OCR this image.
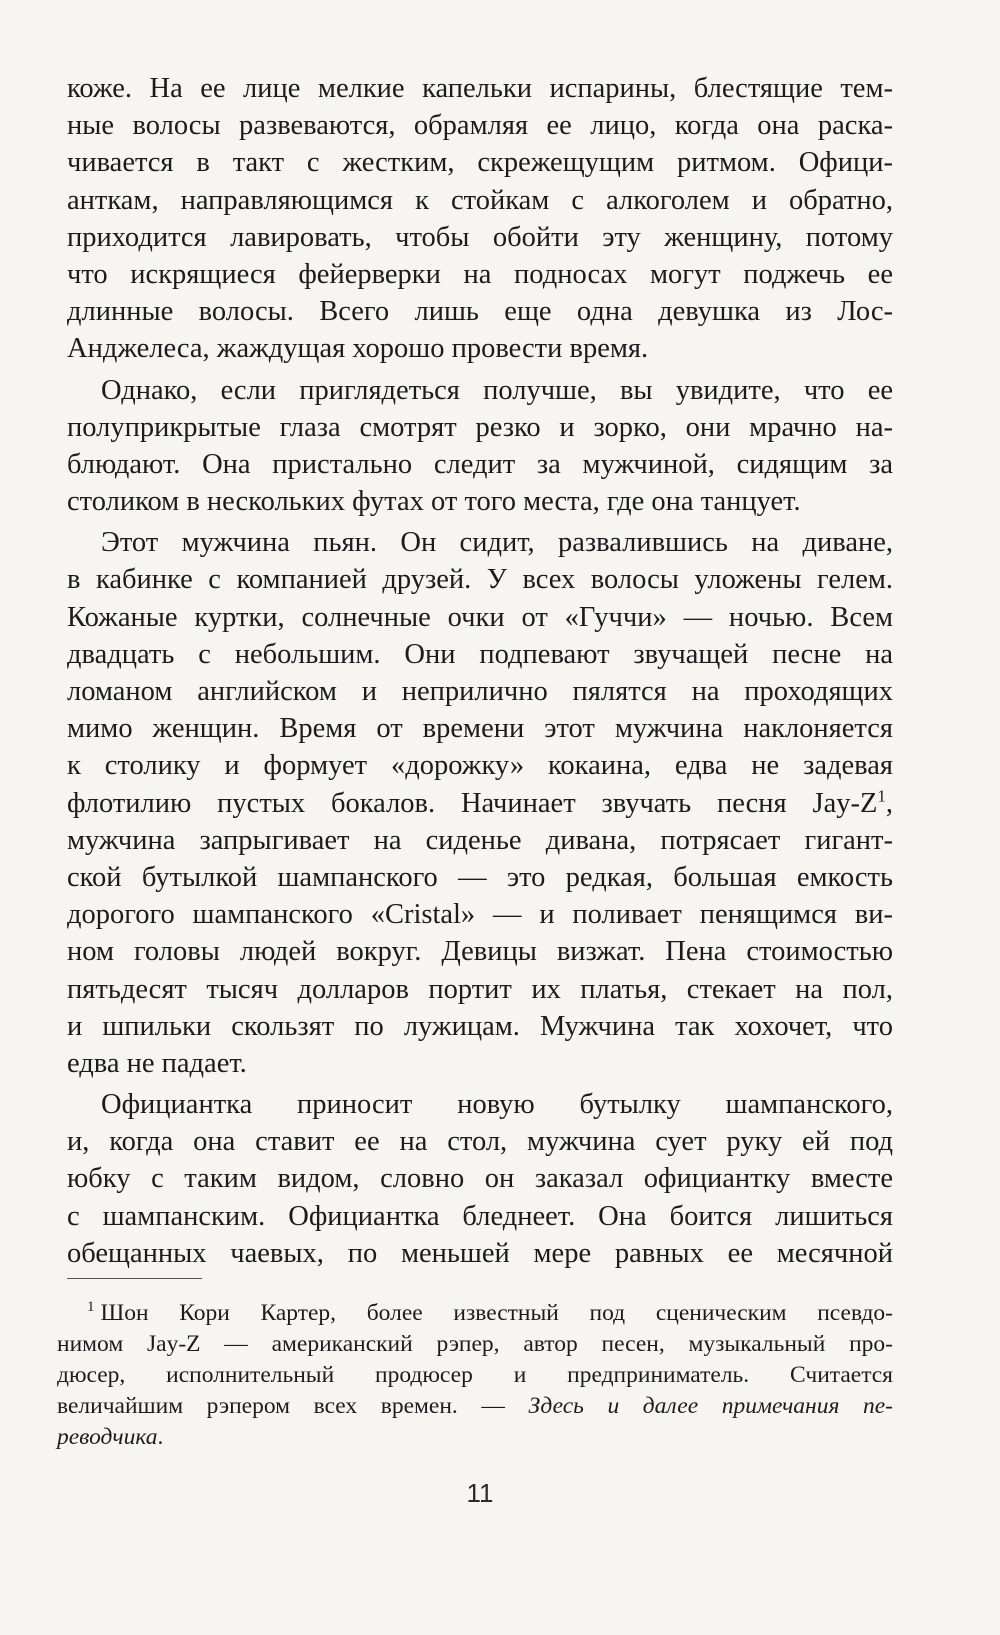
коже. На ее лице мелкие капельки испарины, блестящие тем-
ные волосы развеваются, обрамляя ее лицо, когда она раска-
чивается в такт с жестким, скрежещущим ритмом. Офици-
анткам, направляющимся к стойкам с алкоголем и обратно,
приходится лавировать, чтобы обойти эту женщину, потому
что искрящиеся фейерверки на подносах могут поджечь ее
длинные волосы. Всего лишь еще одна девушка из Лос-
Анджелеса, жаждущая хорошо провести время.
Однако, если приглядеться получше, вы увидите, что ее
полуприкрытые глаза смотрят резко и зорко, они мрачно на-
блюдают. Она пристально следит за мужчиной, сидящим за
столиком в нескольких футах от того места, где она танцует.
Этот мужчина пьян. Он сидит, развалившись на диване,
в кабинке с компанией друзей. У всех волосы уложены гелем.
Кожаные куртки, солнечные очки от «Гуччи» — ночью. Всем
двадцать с небольшим. Они подпевают звучащей песне на
ломаном английском и неприлично пялятся на проходящих
мимо женщин. Время от времени этот мужчина наклоняется
к столику и формует «дорожку» кокаина, едва не задевая
флотилию пустых бокалов. Начинает звучать песня Jay-Z$^1$,
мужчина запрыгивает на сиденье дивана, потрясает гигант-
ской бутылкой шампанского — это редкая, большая емкость
дорогого шампанского «Cristal» — и поливает пенящимся ви-
ном головы людей вокруг. Девицы визжат. Пена стоимостью
пятьдесят тысяч долларов портит их платья, стекает на пол,
и шпильки скользят по лужицам. Мужчина так хохочет, что
едва не падает.
Официантка приносит новую бутылку шампанского,
и, когда она ставит ее на стол, мужчина сует руку ей под
юбку с таким видом, словно он заказал официантку вместе
с шампанским. Официантка бледнеет. Она боится лишиться
обещанных чаевых, по меньшей мере равных ее месячной
$^1$ Шон Кори Картер, более известный под сценическим псевдо-
нимом Jay-Z — американский рэпер, автор песен, музыкальный про-
дюсер, исполнительный продюсер и предприниматель. Считается
величайшим рэпером всех времен. — Здесь и далее примечания пе-
реводчика.
11
